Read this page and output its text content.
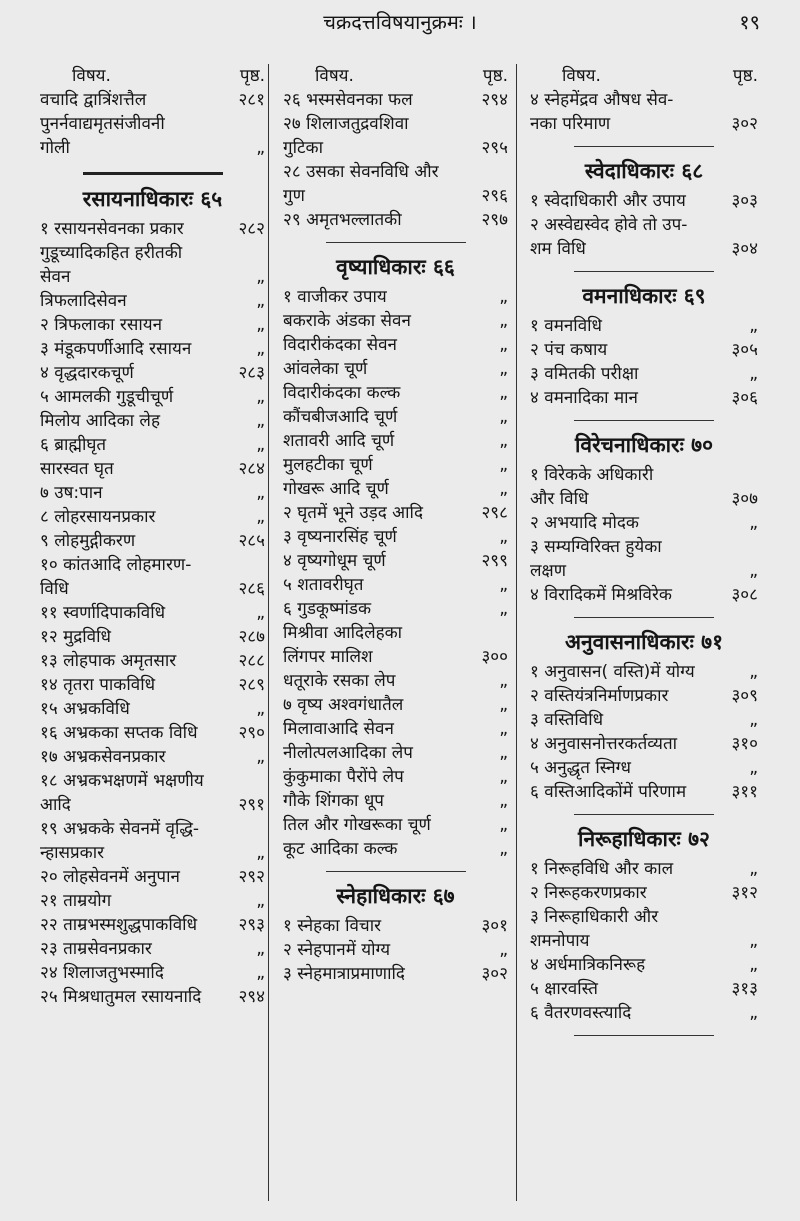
चक्रदत्तविषयानुक्रमः ।	१९
विषय.	पृष्ठ.
वचादि द्वात्रिंशत्तैल	२८१
पुनर्नवाद्यमृतसंजीवनी
गोली	„
रसायनाधिकारः ६५
१ रसायनसेवनका प्रकार	२८२
गुडूच्यादिकहित हरीतकी
सेवन	„
त्रिफलादिसेवन	„
२ त्रिफलाका रसायन	„
३ मंडूकपर्णीआदि रसायन	„
४ वृद्धदारकचूर्ण	२८३
५ आमलकी गुडूचीचूर्ण	„
मिलोय आदिका लेह	„
६ ब्राह्मीघृत	„
सारस्वत घृत	२८४
७ उष:पान	„
८ लोहरसायनप्रकार	„
९ लोहमुद्गीकरण	२८५
१० कांतआदि लोहमारण-
विधि	२८६
११ स्वर्णादिपाकविधि	„
१२ मुद्रविधि	२८७
१३ लोहपाक अमृतसार	२८८
१४ तृतरा पाकविधि	२८९
१५ अभ्रकविधि	„
१६ अभ्रकका सप्तक विधि	२९०
१७ अभ्रकसेवनप्रकार	„
१८ अभ्रकभक्षणमें भक्षणीय
आदि	२९१
१९ अभ्रकके सेवनमें वृद्धि-
न्हासप्रकार	„
२० लोहसेवनमें अनुपान	२९२
२१ ताम्रयोग	„
२२ ताम्रभस्मशुद्धपाकविधि	२९३
२३ ताम्रसेवनप्रकार	„
२४ शिलाजतुभस्मादि	„
२५ मिश्रधातुमल रसायनादि	२९४
विषय.	पृष्ठ.
२६ भस्मसेवनका फल	२९४
२७ शिलाजतुद्रवशिवा
गुटिका	२९५
२८ उसका सेवनविधि और
गुण	२९६
२९ अमृतभल्लातकी	२९७
वृष्याधिकारः ६६
१ वाजीकर उपाय	„
बकराके अंडका सेवन	„
विदारीकंदका सेवन	„
आंवलेका चूर्ण	„
विदारीकंदका कल्क	„
कौंचबीजआदि चूर्ण	„
शतावरी आदि चूर्ण	„
मुलहटीका चूर्ण	„
गोखरू आदि चूर्ण	„
२ घृतमें भूने उड़द आदि	२९८
३ वृष्यनारसिंह चूर्ण	„
४ वृष्यगोधूम चूर्ण	२९९
५ शतावरीघृत	„
६ गुडकूष्मांडक	„
मिश्रीवा आदिलेहका
लिंगपर मालिश	३००
धतूराके रसका लेप	„
७ वृष्य अश्वगंधातैल	„
मिलावाआदि सेवन	„
नीलोत्पलआदिका लेप	„
कुंकुमाका पैरोंपे लेप	„
गौके शिंगका धूप	„
तिल और गोखरूका चूर्ण	„
कूट आदिका कल्क	„
स्नेहाधिकारः ६७
१ स्नेहका विचार	३०१
२ स्नेहपानमें योग्य	„
३ स्नेहमात्राप्रमाणादि	३०२
विषय.	पृष्ठ.
४ स्नेहमेंद्रव औषध सेव-
नका परिमाण	३०२
स्वेदाधिकारः ६८
१ स्वेदाधिकारी और उपाय	३०३
२ अस्वेद्यस्वेद होवे तो उप-
शम विधि	३०४
वमनाधिकारः ६९
१ वमनविधि	„
२ पंच कषाय	३०५
३ वमितकी परीक्षा	„
४ वमनादिका मान	३०६
विरेचनाधिकारः ७०
१ विरेकके अधिकारी
और विधि	३०७
२ अभयादि मोदक	„
३ सम्यग्विरिक्त हुयेका
लक्षण	„
४ विरादिकमें मिश्रविरेक	३०८
अनुवासनाधिकारः ७१
१ अनुवासन( वस्ति)में योग्य	„
२ वस्तियंत्रनिर्माणप्रकार	३०९
३ वस्तिविधि	„
४ अनुवासनोत्तरकर्तव्यता	३१०
५ अनुद्धृत स्निग्ध	„
६ वस्तिआदिकोंमें परिणाम	३११
निरूहाधिकारः ७२
१ निरूहविधि और काल	„
२ निरूहकरणप्रकार	३१२
३ निरूहाधिकारी और
शमनोपाय	„
४ अर्धमात्रिकनिरूह	„
५ क्षारवस्ति	३१३
६ वैतरणवस्त्यादि	„
